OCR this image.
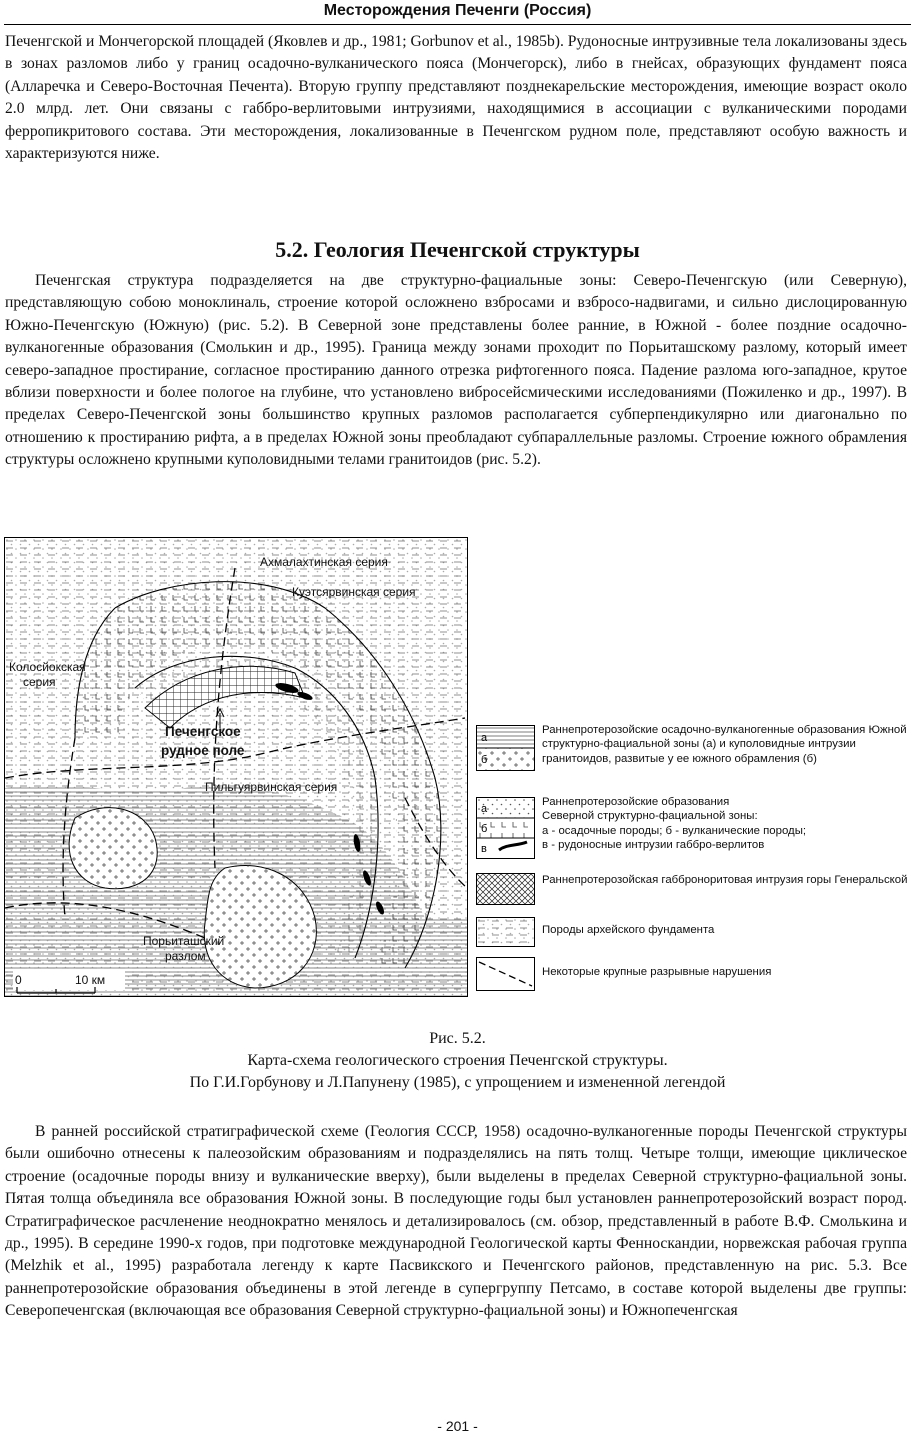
Месторождения Печенги (Россия)

Печенгской и Мончегорской площадей (Яковлев и др., 1981; Gorbunov et al., 1985b). Рудоносные интрузивные тела локализованы здесь в зонах разломов либо у границ осадочно-вулканического пояса (Мончегорск), либо в гнейсах, образующих фундамент пояса (Алларечка и Северо-Восточная Печента). Вторую группу представляют позднекарельские месторождения, имеющие возраст около 2.0 млрд. лет. Они связаны с габбро-верлитовыми интрузиями, находящимися в ассоциации с вулканическими породами ферропикритового состава. Эти месторождения, локализованные в Печенгском рудном поле, представляют особую важность и характеризуются ниже.

5.2. Геология Печенгской структуры

Печенгская структура подразделяется на две структурно-фациальные зоны: Северо-Печенгскую (или Северную), представляющую собою моноклиналь, строение которой осложнено взбросами и взбросо-надвигами, и сильно дислоцированную Южно-Печенгскую (Южную) (рис. 5.2). В Северной зоне представлены более ранние, в Южной - более поздние осадочно-вулканогенные образования (Смолькин и др., 1995). Граница между зонами проходит по Порьиташскому разлому, который имеет северо-западное простирание, согласное простиранию данного отрезка рифтогенного пояса. Падение разлома юго-западное, крутое вблизи поверхности и более пологое на глубине, что установлено вибросейсмическими исследованиями (Пожиленко и др., 1997). В пределах Северо-Печенгской зоны большинство крупных разломов располагается субперпендикулярно или диагонально по отношению к простиранию рифта, а в пределах Южной зоны преобладают субпараллельные разломы. Строение южного обрамления структуры осложнено крупными куполовидными телами гранитоидов (рис. 5.2).

Ахмалахтинская серия
Куэтсярвинская серия
Колосйокская
серия
Печенгское
рудное поле
Пильгуярвинская серия
Порьиташский
разлом
0	10 км
а
б
Раннепротерозойские осадочно-вулканогенные образования Южной структурно-фациальной зоны (а) и куполовидные интрузии гранитоидов, развитые у ее южного обрамления (б)
а
б
в
Раннепротерозойские образования
Северной структурно-фациальной зоны:
а - осадочные породы; б - вулканические породы;
в - рудоносные интрузии габбро-верлитов
Раннепротерозойская габброноритовая интрузия горы Генеральской
Породы архейского фундамента
Некоторые крупные разрывные нарушения
Рис. 5.2.
Карта-схема геологического строения Печенгской структуры.
По Г.И.Горбунову и Л.Папунену (1985), с упрощением и измененной легендой

В ранней российской стратиграфической схеме (Геология СССР, 1958) осадочно-вулканогенные породы Печенгской структуры были ошибочно отнесены к палеозойским образованиям и подразделялись на пять толщ. Четыре толщи, имеющие циклическое строение (осадочные породы внизу и вулканические вверху), были выделены в пределах Северной структурно-фациальной зоны. Пятая толща объединяла все образования Южной зоны. В последующие годы был установлен раннепротерозойский возраст пород. Стратиграфическое расчленение неоднократно менялось и детализировалось (см. обзор, представленный в работе В.Ф. Смолькина и др., 1995). В середине 1990-х годов, при подготовке международной Геологической карты Фенноскандии, норвежская рабочая группа (Melzhik et al., 1995) разработала легенду к карте Пасвикского и Печенгского районов, представленную на рис. 5.3. Все раннепротерозойские образования объединены в этой легенде в супергруппу Петсамо, в составе которой выделены две группы: Северопеченгская (включающая все образования Северной структурно-фациальной зоны) и Южнопеченгская

- 201 -
